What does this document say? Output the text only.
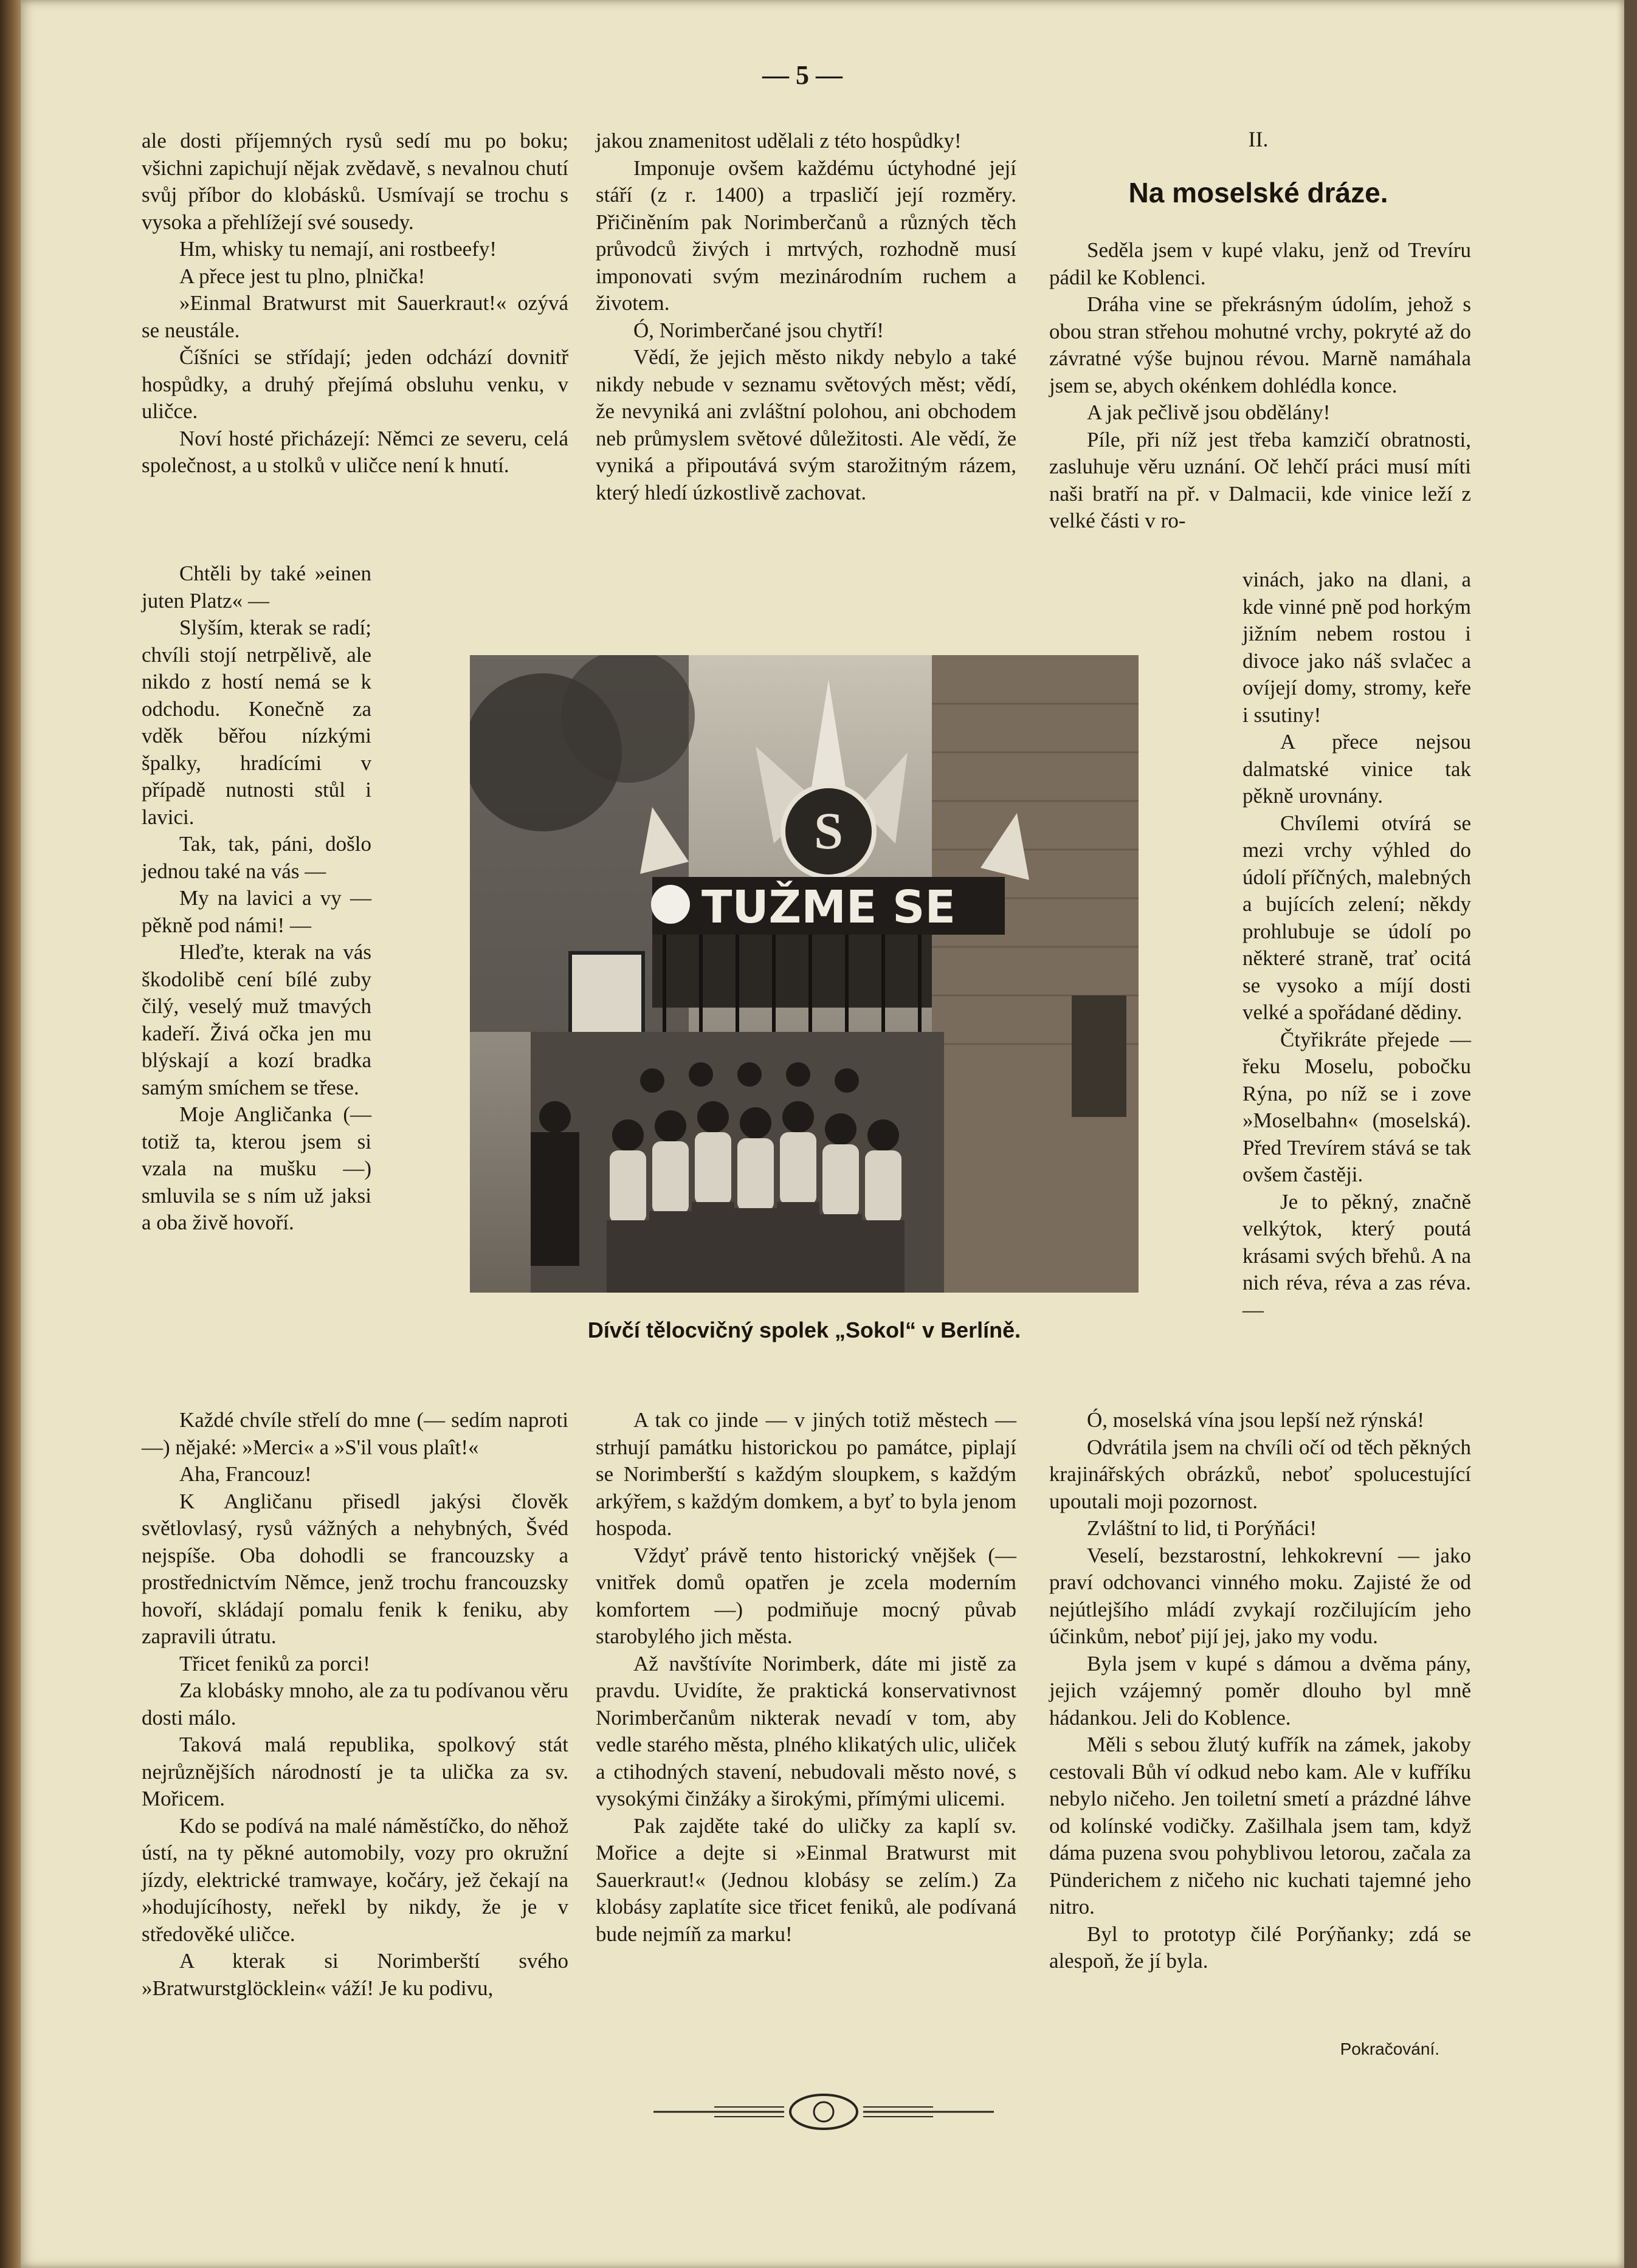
— 5 —

ale dosti příjemných rysů sedí mu po boku; všichni zapichují nějak zvědavě, s nevalnou chutí svůj příbor do klobásků. Usmívají se trochu s vysoka a přehlížejí své sousedy.

Hm, whisky tu nemají, ani rostbeefy!

A přece jest tu plno, plnička!

»Einmal Bratwurst mit Sauerkraut!« ozývá se neustále.

Číšníci se střídají; jeden odchází dovnitř hospůdky, a druhý přejímá obsluhu venku, v uličce.

Noví hosté přicházejí: Němci ze severu, celá společnost, a u stolků v uličce není k hnutí.

Chtěli by také »einen juten Platz« —

Slyším, kterak se radí; chvíli stojí netrpělivě, ale nikdo z hostí nemá se k odchodu. Konečně za vděk běřou nízkými špalky, hradícími v případě nutnosti stůl i lavici.

Tak, tak, páni, došlo jednou také na vás —

My na lavici a vy — pěkně pod námi! —

Hleďte, kterak na vás škodolibě cení bílé zuby čilý, veselý muž tmavých kadeří. Živá očka jen mu blýskají a kozí bradka samým smíchem se třese.

Moje Angličanka (— totiž ta, kterou jsem si vzala na mušku —) smluvila se s ním už jaksi a oba živě hovoří.

Každé chvíle střelí do mne (— sedím naproti —) nějaké: »Merci« a »S'il vous plaît!«

Aha, Francouz!

K Angličanu přisedl jakýsi člověk světlovlasý, rysů vážných a nehybných, Švéd nejspíše. Oba dohodli se francouzsky a prostřednictvím Němce, jenž trochu francouzsky hovoří, skládají pomalu fenik k feniku, aby zapravili útratu.

Třicet feniků za porci!

Za klobásky mnoho, ale za tu podívanou věru dosti málo.

Taková malá republika, spolkový stát nejrůznějších národností je ta ulička za sv. Mořicem.

Kdo se podívá na malé náměstíčko, do něhož ústí, na ty pěkné automobily, vozy pro okružní jízdy, elektrické tramwaye, kočáry, jež čekají na »hodujícíhosty, neřekl by nikdy, že je v středověké uličce.

A kterak si Norimberští svého »Bratwurstglöcklein« váží! Je ku podivu,

jakou znamenitost udělali z této hospůdky!

Imponuje ovšem každému úctyhodné její stáří (z r. 1400) a trpasličí její rozměry. Přičiněním pak Norimberčanů a různých těch průvodců živých i mrtvých, rozhodně musí imponovati svým mezinárodním ruchem a životem.

Ó, Norimberčané jsou chytří!

Vědí, že jejich město nikdy nebylo a také nikdy nebude v seznamu světových měst; vědí, že nevyniká ani zvláštní polohou, ani obchodem neb průmyslem světové důležitosti. Ale vědí, že vyniká a připoutává svým starožitným rázem, který hledí úzkostlivě zachovat.

A tak co jinde — v jiných totiž městech — strhují památku historickou po památce, piplají se Norimberští s každým sloupkem, s každým arkýřem, s každým domkem, a byť to byla jenom hospoda.

Vždyť právě tento historický vnějšek (— vnitřek domů opatřen je zcela moderním komfortem —) podmiňuje mocný půvab starobylého jich města.

Až navštívíte Norimberk, dáte mi jistě za pravdu. Uvidíte, že praktická konservativnost Norimberčanům nikterak nevadí v tom, aby vedle starého města, plného klikatých ulic, uliček a ctihodných stavení, nebudovali město nové, s vysokými činžáky a širokými, přímými ulicemi.

Pak zajděte také do uličky za kaplí sv. Mořice a dejte si »Einmal Bratwurst mit Sauerkraut!« (Jednou klobásy se zelím.) Za klobásy zaplatíte sice třicet feniků, ale podívaná bude nejmíň za marku!

II.
Na moselské dráze.

Seděla jsem v kupé vlaku, jenž od Trevíru pádil ke Koblenci.

Dráha vine se překrásným údolím, jehož s obou stran střehou mohutné vrchy, pokryté až do závratné výše bujnou révou. Marně namáhala jsem se, abych okénkem dohlédla konce.

A jak pečlivě jsou obdělány!

Píle, při níž jest třeba kamzičí obratnosti, zasluhuje věru uznání. Oč lehčí práci musí míti naši bratří na př. v Dalmacii, kde vinice leží z velké části v ro-

vinách, jako na dlani, a kde vinné pně pod horkým jižním nebem rostou i divoce jako náš svlačec a ovíjejí domy, stromy, keře i ssutiny!

A přece nejsou dalmatské vinice tak pěkně urovnány.

Chvílemi otvírá se mezi vrchy výhled do údolí příčných, malebných a bujících zelení; někdy prohlubuje se údolí po některé straně, trať ocitá se vysoko a míjí dosti velké a spořádané dědiny.

Čtyřikráte přejede — řeku Moselu, pobočku Rýna, po níž se i zove »Moselbahn« (moselská). Před Trevírem stává se tak ovšem častěji.

Je to pěkný, značně velkýtok, který poutá krásami svých břehů. A na nich réva, réva a zas réva. —

Ó, moselská vína jsou lepší než rýnská!

Odvrátila jsem na chvíli očí od těch pěkných krajinářských obrázků, neboť spolucestující upoutali moji pozornost.

Zvláštní to lid, ti Porýňáci!

Veselí, bezstarostní, lehkokrevní — jako praví odchovanci vinného moku. Zajisté že od nejútlejšího mládí zvykají rozčilujícím jeho účinkům, neboť pijí jej, jako my vodu.

Byla jsem v kupé s dámou a dvěma pány, jejich vzájemný poměr dlouho byl mně hádankou. Jeli do Koblence.

Měli s sebou žlutý kufřík na zámek, jakoby cestovali Bůh ví odkud nebo kam. Ale v kufříku nebylo ničeho. Jen toiletní smetí a prázdné láhve od kolínské vodičky. Zašilhala jsem tam, když dáma puzena svou pohyblivou letorou, začala za Pünderichem z ničeho nic kuchati tajemné jeho nitro.

Byl to prototyp čilé Porýňanky; zdá se alespoň, že jí byla.

Pokračování.
S
TUŽME SE
Dívčí tělocvičný spolek „Sokol“ v Berlíně.
